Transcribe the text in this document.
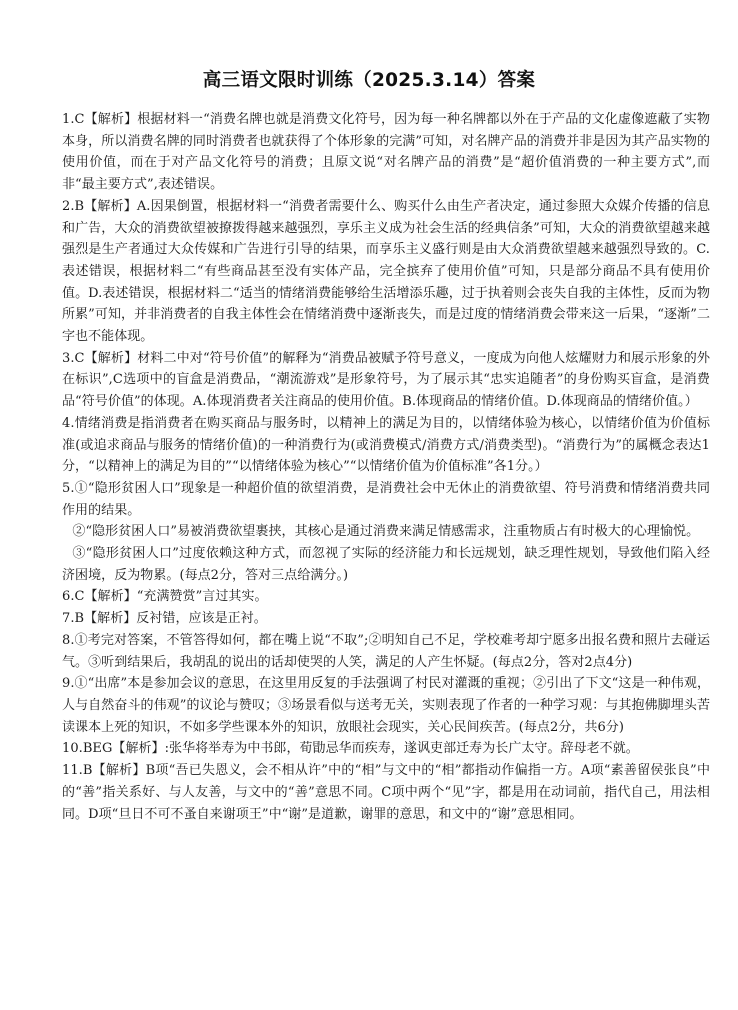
高三语文限时训练（2025.3.14）答案

1.C【解析】根据材料一“消费名牌也就是消费文化符号，因为每一种名牌都以外在于产品的文化虚像遮蔽了实物本身，所以消费名牌的同时消费者也就获得了个体形象的完满”可知，对名牌产品的消费并非是因为其产品实物的使用价值，而在于对产品文化符号的消费；且原文说“对名牌产品的消费”是“超价值消费的一种主要方式”,而非“最主要方式”,表述错误。

2.B【解析】A.因果倒置，根据材料一“消费者需要什么、购买什么由生产者决定，通过参照大众媒介传播的信息和广告，大众的消费欲望被撩拨得越来越强烈，享乐主义成为社会生活的经典信条”可知，大众的消费欲望越来越强烈是生产者通过大众传媒和广告进行引导的结果，而享乐主义盛行则是由大众消费欲望越来越强烈导致的。C.表述错误，根据材料二“有些商品甚至没有实体产品，完全摈弃了使用价值”可知，只是部分商品不具有使用价值。D.表述错误，根据材料二“适当的情绪消费能够给生活增添乐趣，过于执着则会丧失自我的主体性，反而为物所累”可知，并非消费者的自我主体性会在情绪消费中逐渐丧失，而是过度的情绪消费会带来这一后果，“逐渐”二字也不能体现。

3.C【解析】材料二中对“符号价值”的解释为“消费品被赋予符号意义，一度成为向他人炫耀财力和展示形象的外在标识”,C选项中的盲盒是消费品，“潮流游戏”是形象符号，为了展示其“忠实追随者”的身份购买盲盒，是消费品“符号价值”的体现。A.体现消费者关注商品的使用价值。B.体现商品的情绪价值。D.体现商品的情绪价值。）

4.情绪消费是指消费者在购买商品与服务时，以精神上的满足为目的，以情绪体验为核心，以情绪价值为价值标准(或追求商品与服务的情绪价值)的一种消费行为(或消费模式/消费方式/消费类型)。“消费行为”的属概念表达1分，“以精神上的满足为目的”“以情绪体验为核心”“以情绪价值为价值标准”各1分。）

5.①“隐形贫困人口”现象是一种超价值的欲望消费，是消费社会中无休止的消费欲望、符号消费和情绪消费共同作用的结果。

②“隐形贫困人口”易被消费欲望裹挟，其核心是通过消费来满足情感需求，注重物质占有时极大的心理愉悦。

③“隐形贫困人口”过度依赖这种方式，而忽视了实际的经济能力和长远规划，缺乏理性规划，导致他们陷入经济困境，反为物累。(每点2分，答对三点给满分。)

6.C【解析】“充满赞赏”言过其实。

7.B【解析】反衬错，应该是正衬。

8.①考完对答案，不管答得如何，都在嘴上说“不取”;②明知自己不足，学校难考却宁愿多出报名费和照片去碰运气。③听到结果后，我胡乱的说出的话却使哭的人笑，满足的人产生怀疑。(每点2分，答对2点4分)

9.①“出席”本是参加会议的意思，在这里用反复的手法强调了村民对灌溉的重视；②引出了下文“这是一种伟观，人与自然奋斗的伟观”的议论与赞叹；③场景看似与送考无关，实则表现了作者的一种学习观：与其抱佛脚埋头苦读课本上死的知识，不如多学些课本外的知识，放眼社会现实，关心民间疾苦。(每点2分，共6分)

10.BEG【解析】:张华将举寿为中书郎，荀勖忌华而疾寿，遂讽吏部迁寿为长广太守。辞母老不就。

11.B【解析】B项“吾已失恩义，会不相从许”中的“相”与文中的“相”都指动作偏指一方。A项“素善留侯张良”中的“善”指关系好、与人友善，与文中的“善”意思不同。C项中两个“见”字，都是用在动词前，指代自己，用法相同。D项“旦日不可不蚤自来谢项王”中“谢”是道歉，谢罪的意思，和文中的“谢”意思相同。
